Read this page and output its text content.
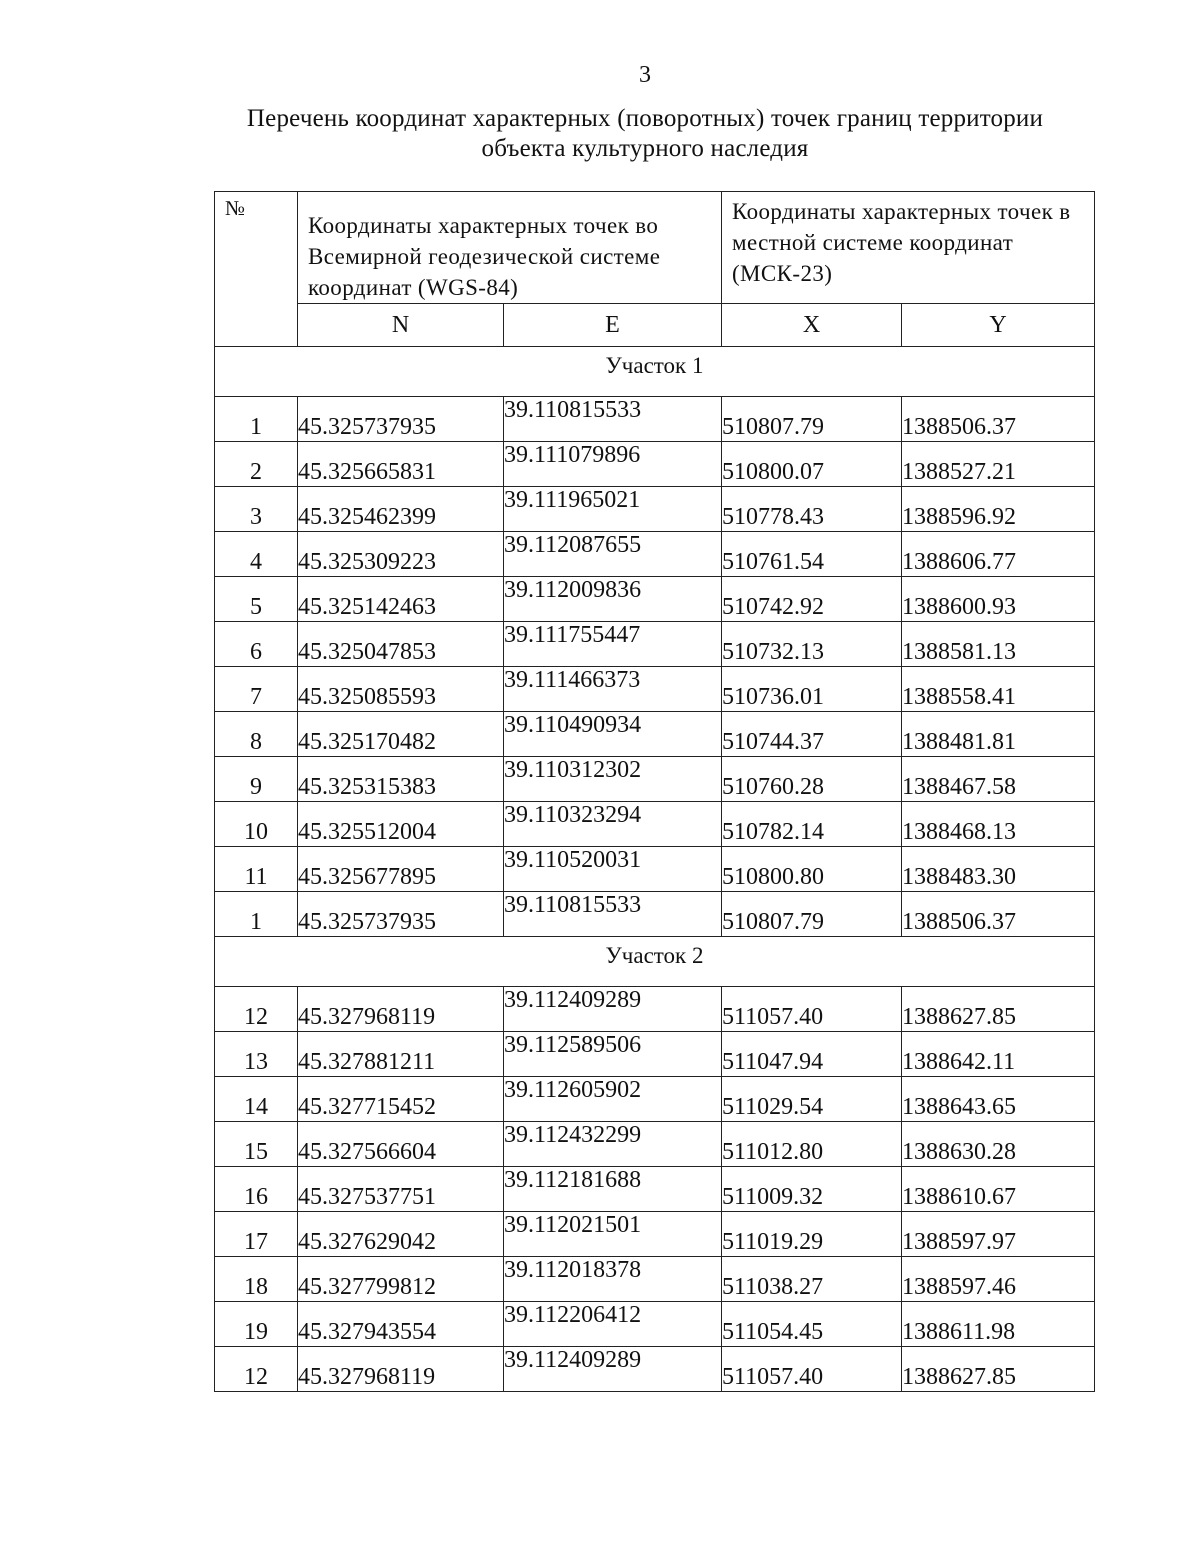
3
Перечень координат характерных (поворотных) точек границ территории
объекта культурного наследия
№	Координаты характерных точек во Всемирной геодезической системе координат (WGS-84)		Координаты характерных точек в местной системе координат (МСК-23)	
	N	E	X	Y
Участок 1				
1	45.325737935	39.110815533	510807.79	1388506.37
2	45.325665831	39.111079896	510800.07	1388527.21
3	45.325462399	39.111965021	510778.43	1388596.92
4	45.325309223	39.112087655	510761.54	1388606.77
5	45.325142463	39.112009836	510742.92	1388600.93
6	45.325047853	39.111755447	510732.13	1388581.13
7	45.325085593	39.111466373	510736.01	1388558.41
8	45.325170482	39.110490934	510744.37	1388481.81
9	45.325315383	39.110312302	510760.28	1388467.58
10	45.325512004	39.110323294	510782.14	1388468.13
11	45.325677895	39.110520031	510800.80	1388483.30
1	45.325737935	39.110815533	510807.79	1388506.37
Участок 2				
12	45.327968119	39.112409289	511057.40	1388627.85
13	45.327881211	39.112589506	511047.94	1388642.11
14	45.327715452	39.112605902	511029.54	1388643.65
15	45.327566604	39.112432299	511012.80	1388630.28
16	45.327537751	39.112181688	511009.32	1388610.67
17	45.327629042	39.112021501	511019.29	1388597.97
18	45.327799812	39.112018378	511038.27	1388597.46
19	45.327943554	39.112206412	511054.45	1388611.98
12	45.327968119	39.112409289	511057.40	1388627.85
